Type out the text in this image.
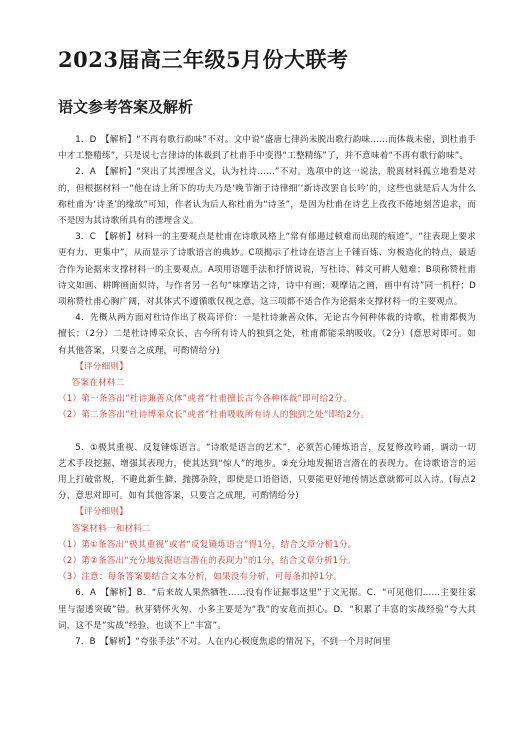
2023届高三年级5月份大联考
语文参考答案及解析

1．D　【解析】“不再有歌行韵味”不对。文中说“盛唐七律尚未脱出歌行韵味……而体裁未密，到杜甫手中才工整精练”，只是说七言律诗的体裁到了杜甫手中变得“工整精练”了，并不意味着“不再有歌行韵味”。

2．A　【解析】“突出了其湮埋含义，认为杜诗……”不对。选项中的这一说法，脱离材料孤立地看是对的，但根据材料一“他在诗上所下的功夫乃是‘晚节渐于诗律细’‘新诗改罢自长吟’的，这些也就是后人为什么称杜甫为‘诗圣’的缘故”可知，作者认为后人称杜甫为“诗圣”，是因为杜甫在诗艺上孜孜不倦地刻苦追求，而不是因为其诗歌所具有的湮埋含义。

3．C　【解析】材料一的主要观点是杜甫在诗歌风格上“常有郁遏过顿难而出现的痕迹”，“往表现上要求更有力、更集中”，从而显示了诗歌语言的典妙。C项揭示了杜诗在语言上千锤百炼、穷极造化的特点，最适合作为论据来支撑材料一的主要观点。A项用语题手法和抒情说说，写杜诗、韩文可耕人勉难；B项称赞杜甫诗文如画、耕眸画面似诗，与作者另一名句“味摩诘之诗，诗中有画；观摩诘之画，画中有诗”同一机杼；D项称赞杜甫心胸广阔，对其体式不遵循歌仅视之意，这三项都不适合作为论据来支撑材料一的主要观点。

4．先概从两方面对杜诗作出了极高评价：一是杜诗兼善众体，无论古今何种体裁的诗歌，杜甫都极为擅长；（2分）二是杜诗博采众长，吉今所有诗人的独到之处，杜甫都能采纳吸收。（2分）(意思对即可。如有其他答案，只要言之成理，可酌情给分)

【评分细则】

答案在材料二

（1）第一条答出“杜诗兼善众体”或者“杜甫擅长古今各种体裁”即可给2分。

（2）第二条答出“杜诗博采众长”或者“杜甫吸收所有诗人的独到之处”即给2分。

5．①极其重视、反复锤炼语言。“诗歌是语言的艺术”，必须苦心锤炼语言，反复修改吟诵，调动一切艺术手段挖掘、增强其表现力，使其达到“惊人”的地步。②充分地发掘语言潜在的表现力。在诗歌语言的运用上打破常规，不避此新生僻、抛掷杂险，即使是口语俗语，只要能更好地传情达意就都可以入诗。(每点2分，意思对即可。如有其他答案，只要言之成理，可酌情给分)

【评分细则】

答案材料一和材料二

（1）第①条答出“极其重视”或者“反复锤炼语言”得1分，结合文章分析1分。

（2）第②条答出“充分地发掘语言潜在的表现力”的1分，结合文章分析1分。

（3）注意：每条答案要结合文本分析，如果没有分析，可每条扣掉1分。

6．A　【解析】B．“后来故人果然牺牲……没有作证掘事这里”于文无据。C．“可见他们……主要往家里与湿透突破”错。秋芽猜怀火匆、小多主要是为“我”的安危而担心。D．“积累了丰富的实战经验”夸大其词，这不是“实战”经验，也谈不上“丰富”。

7．B　【解析】“夸张手法”不对。人在内心极度焦虑的情况下，不到一个月时间里
